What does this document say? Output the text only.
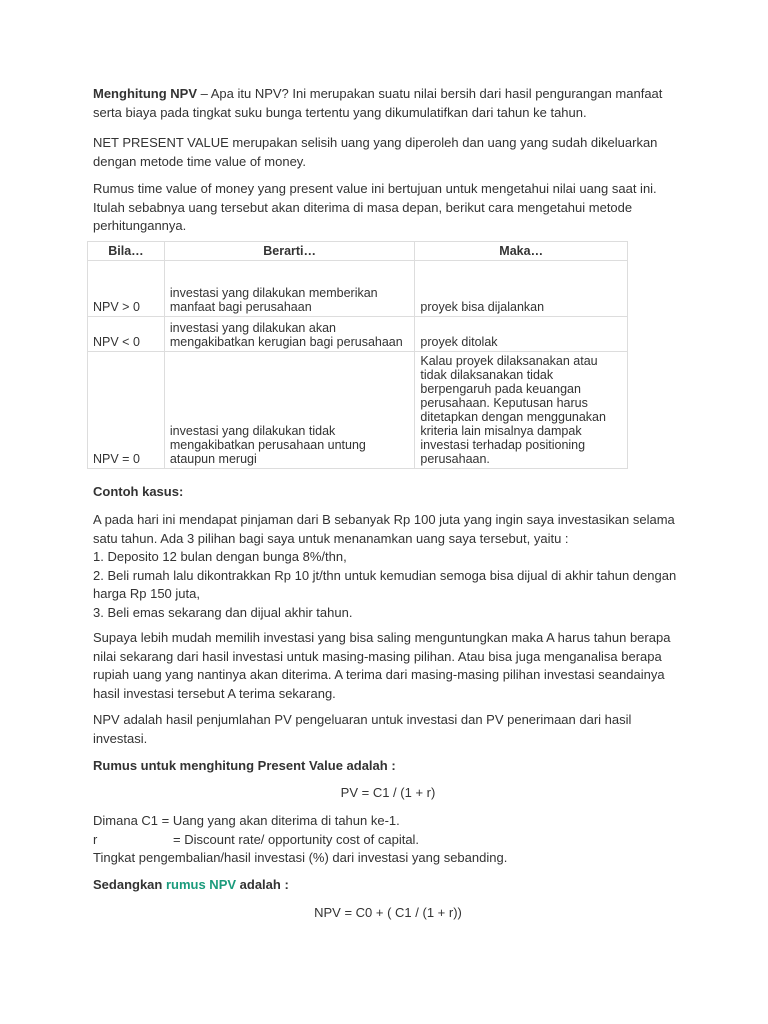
Menghitung NPV – Apa itu NPV? Ini merupakan suatu nilai bersih dari hasil pengurangan manfaat serta biaya pada tingkat suku bunga tertentu yang dikumulatifkan dari tahun ke tahun.

NET PRESENT VALUE merupakan selisih uang yang diperoleh dan uang yang sudah dikeluarkan dengan metode time value of money.

Rumus time value of money yang present value ini bertujuan untuk mengetahui nilai uang saat ini. Itulah sebabnya uang tersebut akan diterima di masa depan, berikut cara mengetahui metode perhitungannya.

Bila…	Berarti…	Maka…
NPV > 0	investasi yang dilakukan memberikan manfaat bagi perusahaan	proyek bisa dijalankan
NPV < 0	investasi yang dilakukan akan mengakibatkan kerugian bagi perusahaan	proyek ditolak
NPV = 0	investasi yang dilakukan tidak mengakibatkan perusahaan untung ataupun merugi	Kalau proyek dilaksanakan atau tidak dilaksanakan tidak berpengaruh pada keuangan perusahaan. Keputusan harus ditetapkan dengan menggunakan kriteria lain misalnya dampak investasi terhadap positioning perusahaan.

Contoh kasus:

A pada hari ini mendapat pinjaman dari B sebanyak Rp 100 juta yang ingin saya investasikan selama satu tahun. Ada 3 pilihan bagi saya untuk menanamkan uang saya tersebut, yaitu :
1. Deposito 12 bulan dengan bunga 8%/thn,
2. Beli rumah lalu dikontrakkan Rp 10 jt/thn untuk kemudian semoga bisa dijual di akhir tahun dengan harga Rp 150 juta,
3. Beli emas sekarang dan dijual akhir tahun.

Supaya lebih mudah memilih investasi yang bisa saling menguntungkan maka A harus tahun berapa nilai sekarang dari hasil investasi untuk masing-masing pilihan. Atau bisa juga menganalisa berapa rupiah uang yang nantinya akan diterima. A terima dari masing-masing pilihan investasi seandainya hasil investasi tersebut A terima sekarang.

NPV adalah hasil penjumlahan PV pengeluaran untuk investasi dan PV penerimaan dari hasil investasi.

Rumus untuk menghitung Present Value adalah :

PV = C1 / (1 + r)

Dimana C1 = Uang yang akan diterima di tahun ke-1.
r	= Discount rate/ opportunity cost of capital.
Tingkat pengembalian/hasil investasi (%) dari investasi yang sebanding.

Sedangkan rumus NPV adalah :

NPV = C0 + ( C1 / (1 + r))
